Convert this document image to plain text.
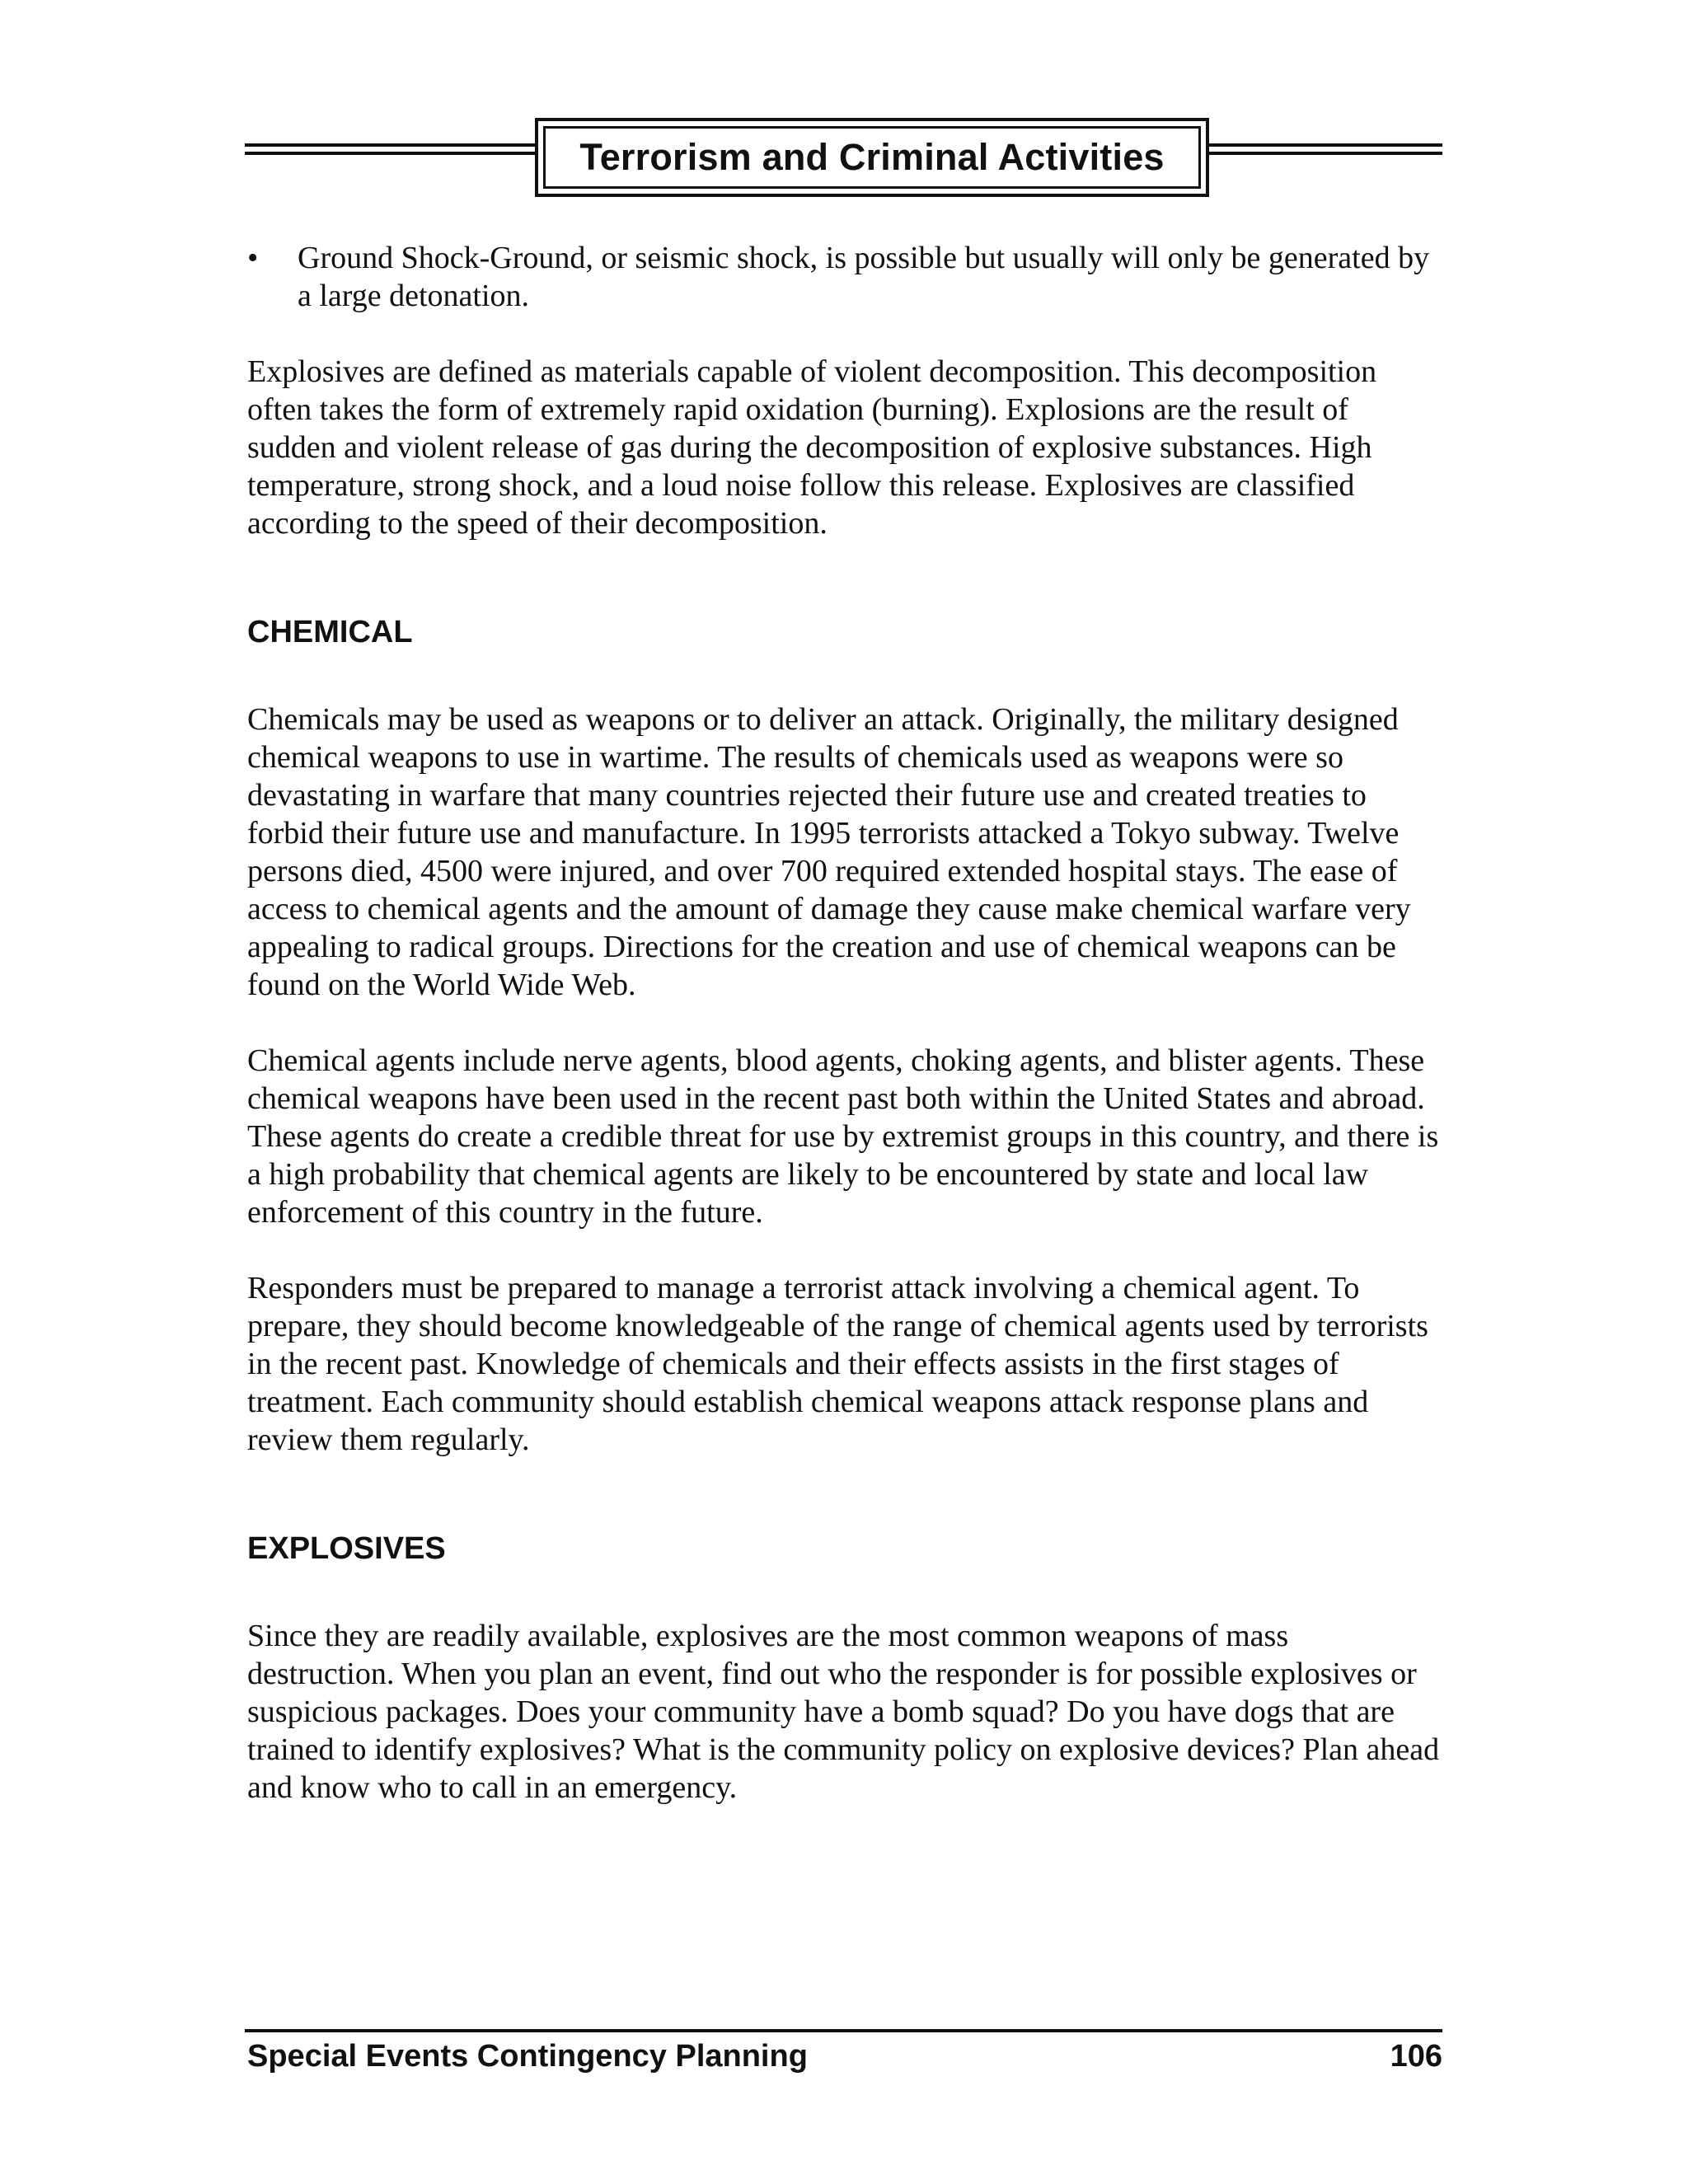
Terrorism and Criminal Activities
• Ground Shock-Ground, or seismic shock, is possible but usually will only be generated by a large detonation.

Explosives are defined as materials capable of violent decomposition. This decomposition often takes the form of extremely rapid oxidation (burning). Explosions are the result of sudden and violent release of gas during the decomposition of explosive substances. High temperature, strong shock, and a loud noise follow this release. Explosives are classified according to the speed of their decomposition.

CHEMICAL

Chemicals may be used as weapons or to deliver an attack. Originally, the military designed chemical weapons to use in wartime. The results of chemicals used as weapons were so devastating in warfare that many countries rejected their future use and created treaties to forbid their future use and manufacture. In 1995 terrorists attacked a Tokyo subway. Twelve persons died, 4500 were injured, and over 700 required extended hospital stays. The ease of access to chemical agents and the amount of damage they cause make chemical warfare very appealing to radical groups. Directions for the creation and use of chemical weapons can be found on the World Wide Web.

Chemical agents include nerve agents, blood agents, choking agents, and blister agents. These chemical weapons have been used in the recent past both within the United States and abroad. These agents do create a credible threat for use by extremist groups in this country, and there is a high probability that chemical agents are likely to be encountered by state and local law enforcement of this country in the future.

Responders must be prepared to manage a terrorist attack involving a chemical agent. To prepare, they should become knowledgeable of the range of chemical agents used by terrorists in the recent past. Knowledge of chemicals and their effects assists in the first stages of treatment. Each community should establish chemical weapons attack response plans and review them regularly.

EXPLOSIVES

Since they are readily available, explosives are the most common weapons of mass destruction. When you plan an event, find out who the responder is for possible explosives or suspicious packages. Does your community have a bomb squad? Do you have dogs that are trained to identify explosives? What is the community policy on explosive devices? Plan ahead and know who to call in an emergency.

Special Events Contingency Planning	106
